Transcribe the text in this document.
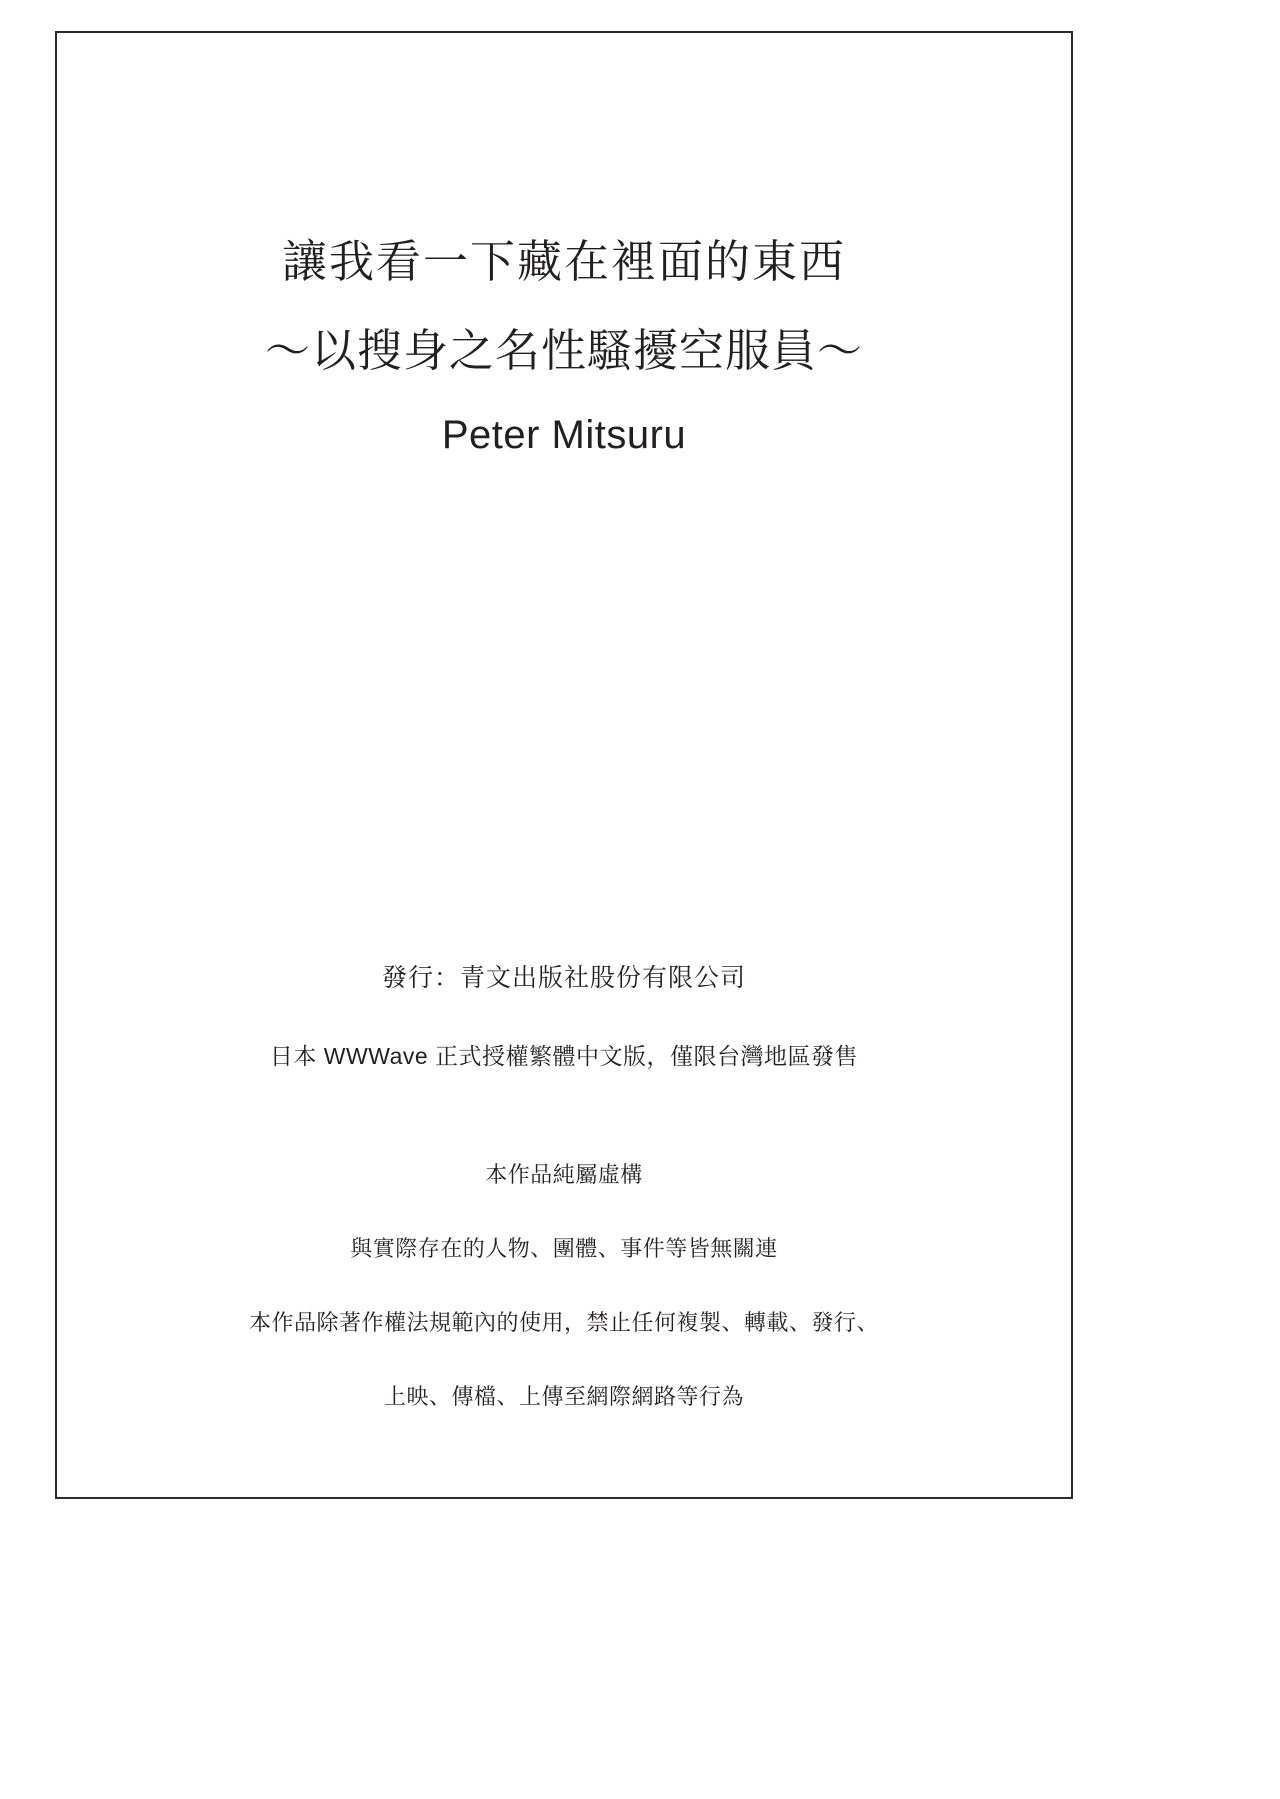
讓我看一下藏在裡面的東西
～以搜身之名性騷擾空服員～
Peter Mitsuru
發行：青文出版社股份有限公司
日本 WWWave 正式授權繁體中文版，僅限台灣地區發售
本作品純屬虛構
與實際存在的人物、團體、事件等皆無關連
本作品除著作權法規範內的使用，禁止任何複製、轉載、發行、
上映、傳檔、上傳至網際網路等行為
